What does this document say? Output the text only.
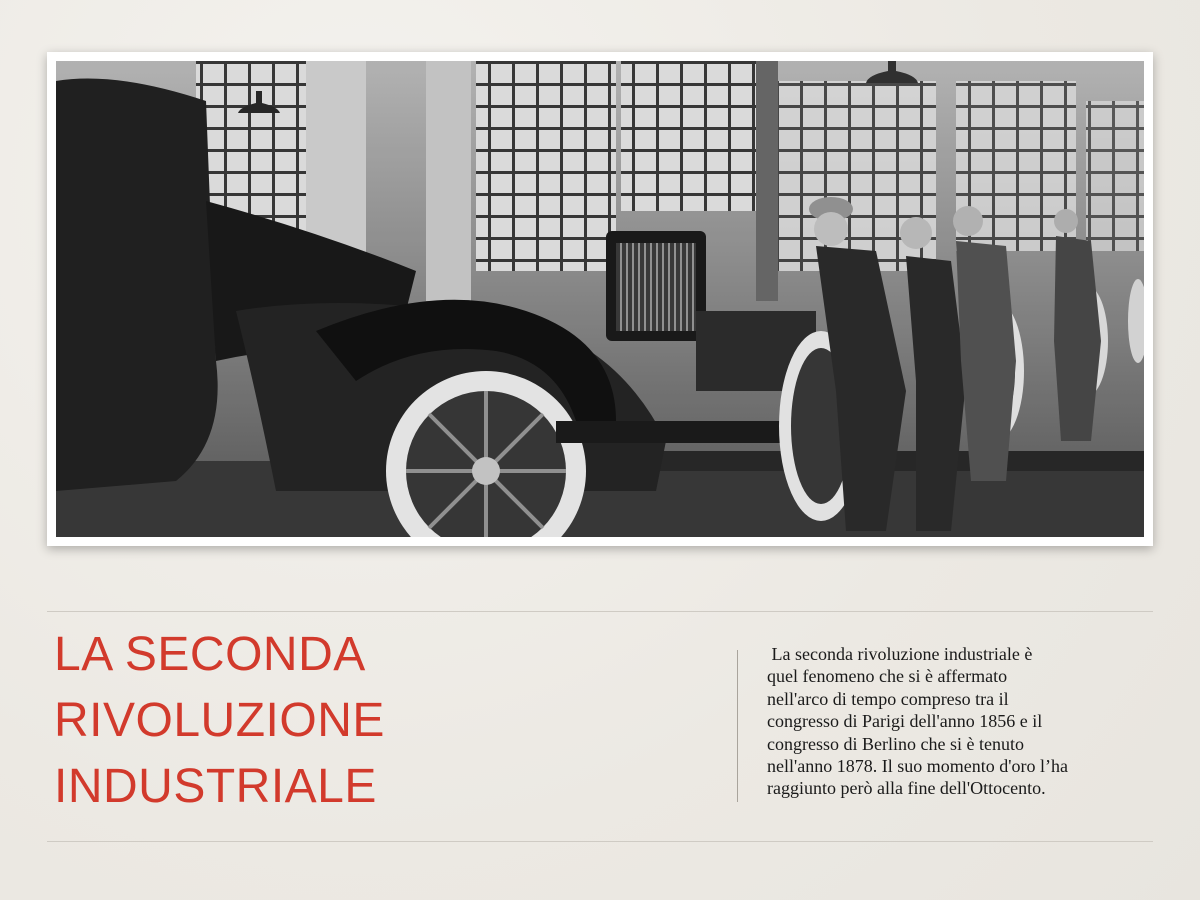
LA SECONDA
RIVOLUZIONE
INDUSTRIALE
La seconda rivoluzione industriale è
quel fenomeno che si è affermato
nell'arco di tempo compreso tra il
congresso di Parigi dell'anno 1856 e il
congresso di Berlino che si è tenuto
nell'anno 1878. Il suo momento d'oro l’ha
raggiunto però alla fine dell'Ottocento.
